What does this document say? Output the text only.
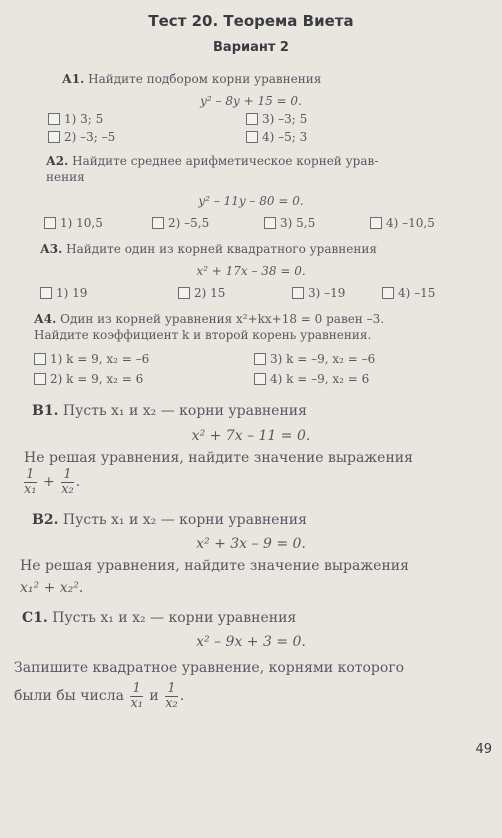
Тест 20. Теорема Виета
Вариант 2
А1. Найдите подбором корни уравнения
y² – 8y + 15 = 0.
1) 3; 5	3) –3; 5
2) –3; –5	4) –5; 3
А2. Найдите среднее арифметическое корней урав-
нения
y² – 11y – 80 = 0.
1) 10,5	2) –5,5	3) 5,5	4) –10,5
А3. Найдите один из корней квадратного уравнения
x² + 17x – 38 = 0.
1) 19	2) 15	3) –19	4) –15
А4. Один из корней уравнения x²+kx+18 = 0 равен –3.
Найдите коэффициент k и второй корень уравнения.
1) k = 9, x₂ = –6	3) k = –9, x₂ = –6
2) k = 9, x₂ = 6	4) k = –9, x₂ = 6
В1. Пусть x₁ и x₂ — корни уравнения
x² + 7x – 11 = 0.
Не решая уравнения, найдите значение выражения
$\frac{1}{\text{x₁}} + \frac{1}{\text{x₂}}$ .
В2. Пусть x₁ и x₂ — корни уравнения
x² + 3x – 9 = 0.
Не решая уравнения, найдите значение выражения
x₁² + x₂².
С1. Пусть x₁ и x₂ — корни уравнения
x² – 9x + 3 = 0.
Запишите квадратное уравнение, корнями которого
были бы числа $\frac{1}{\text{x₁}}$ и $\frac{1}{\text{x₂}}$ .
49
